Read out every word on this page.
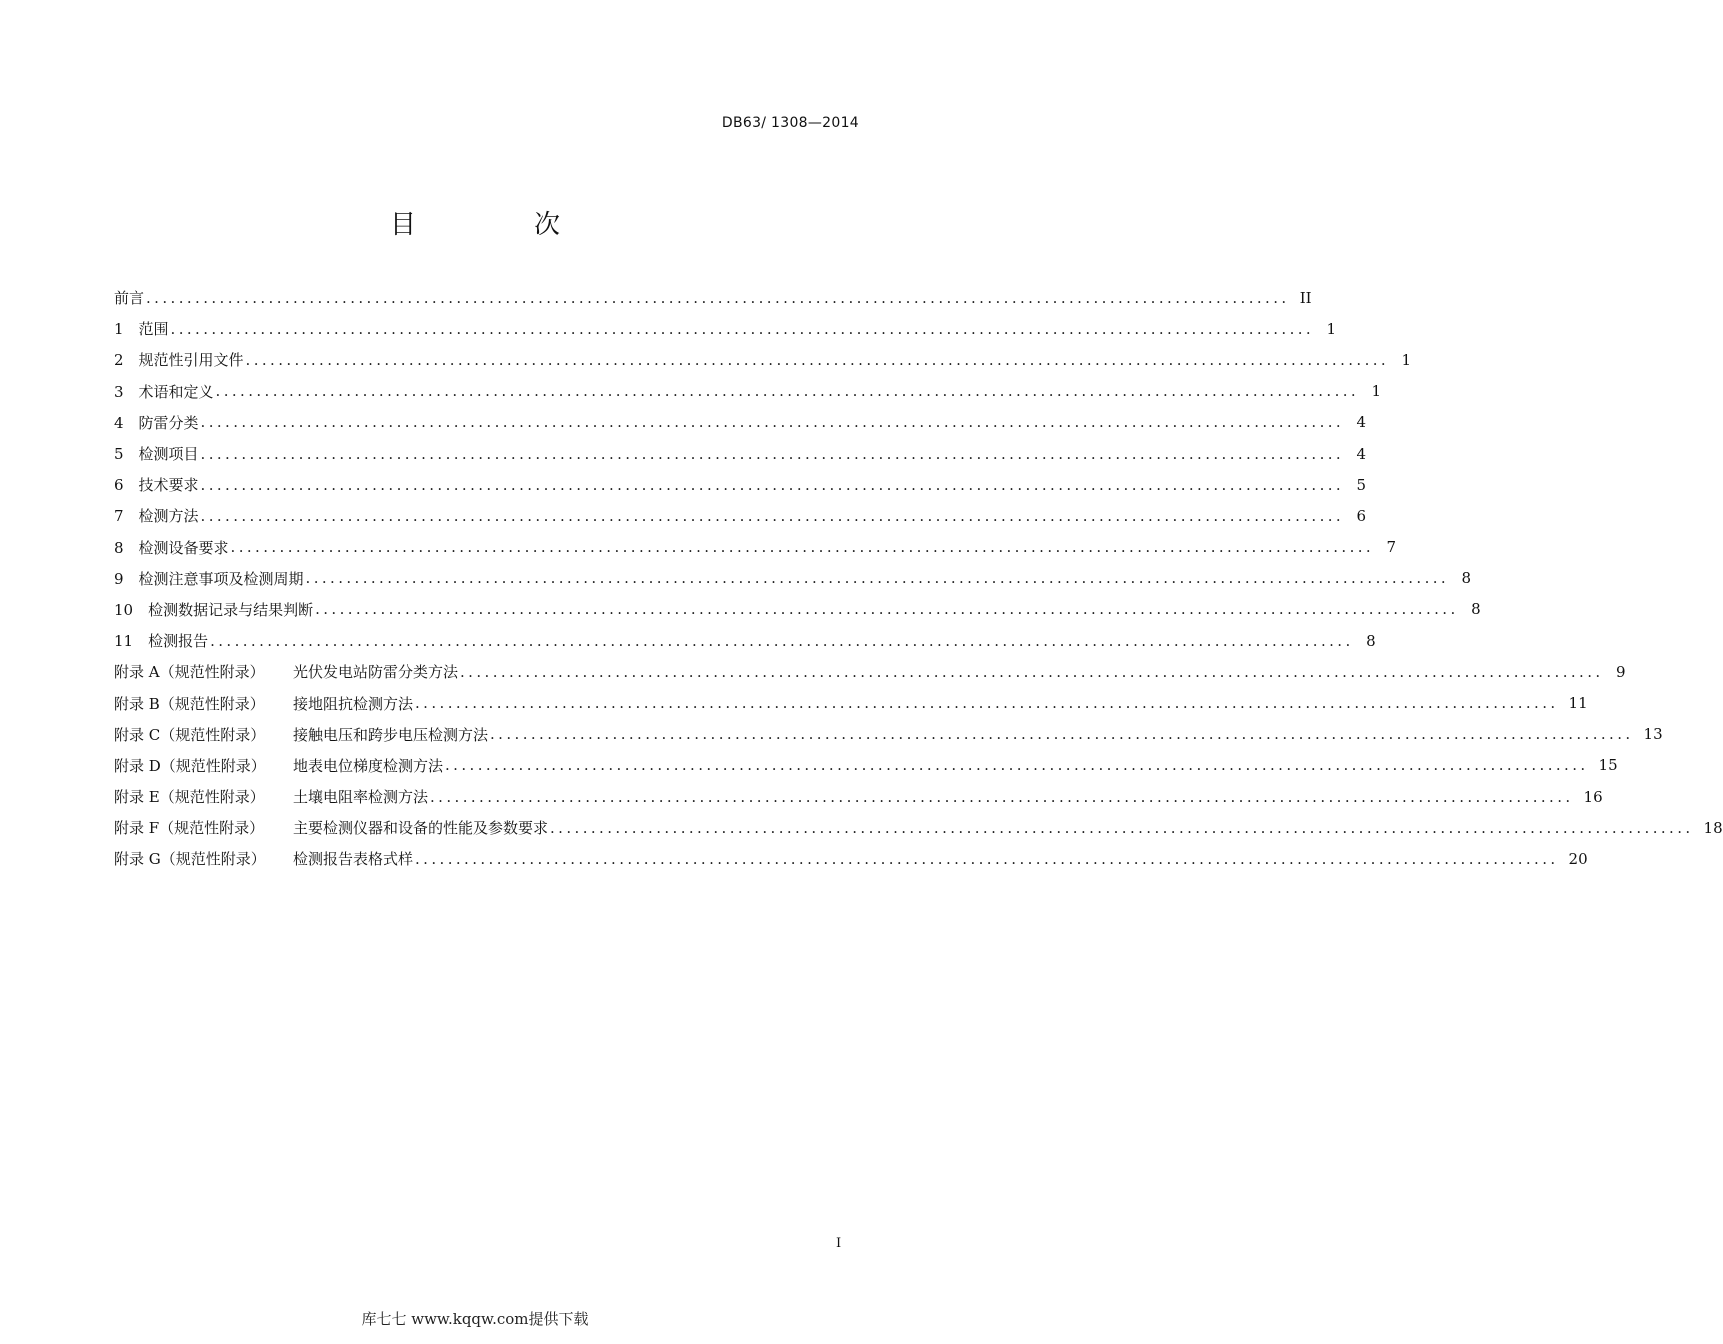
DB63/ 1308—2014
目　次
前言 ............................................................................................................................................ II
1　范围 ............................................................................................................................................ 1
2　规范性引用文件 ............................................................................................................................................ 1
3　术语和定义 ............................................................................................................................................ 1
4　防雷分类 ............................................................................................................................................ 4
5　检测项目 ............................................................................................................................................ 4
6　技术要求 ............................................................................................................................................ 5
7　检测方法 ............................................................................................................................................ 6
8　检测设备要求 ............................................................................................................................................ 7
9　检测注意事项及检测周期 ............................................................................................................................................ 8
10　检测数据记录与结果判断 ............................................................................................................................................ 8
11　检测报告 ............................................................................................................................................ 8
附录 A（规范性附录） 光伏发电站防雷分类方法 ............................................................................................................................................ 9
附录 B（规范性附录） 接地阻抗检测方法 ............................................................................................................................................ 11
附录 C（规范性附录） 接触电压和跨步电压检测方法 ............................................................................................................................................ 13
附录 D（规范性附录） 地表电位梯度检测方法 ............................................................................................................................................ 15
附录 E（规范性附录） 土壤电阻率检测方法 ............................................................................................................................................ 16
附录 F（规范性附录） 主要检测仪器和设备的性能及参数要求 ............................................................................................................................................ 18
附录 G（规范性附录） 检测报告表格式样 ............................................................................................................................................ 20
I
库七七 www.kqqw.com提供下载
